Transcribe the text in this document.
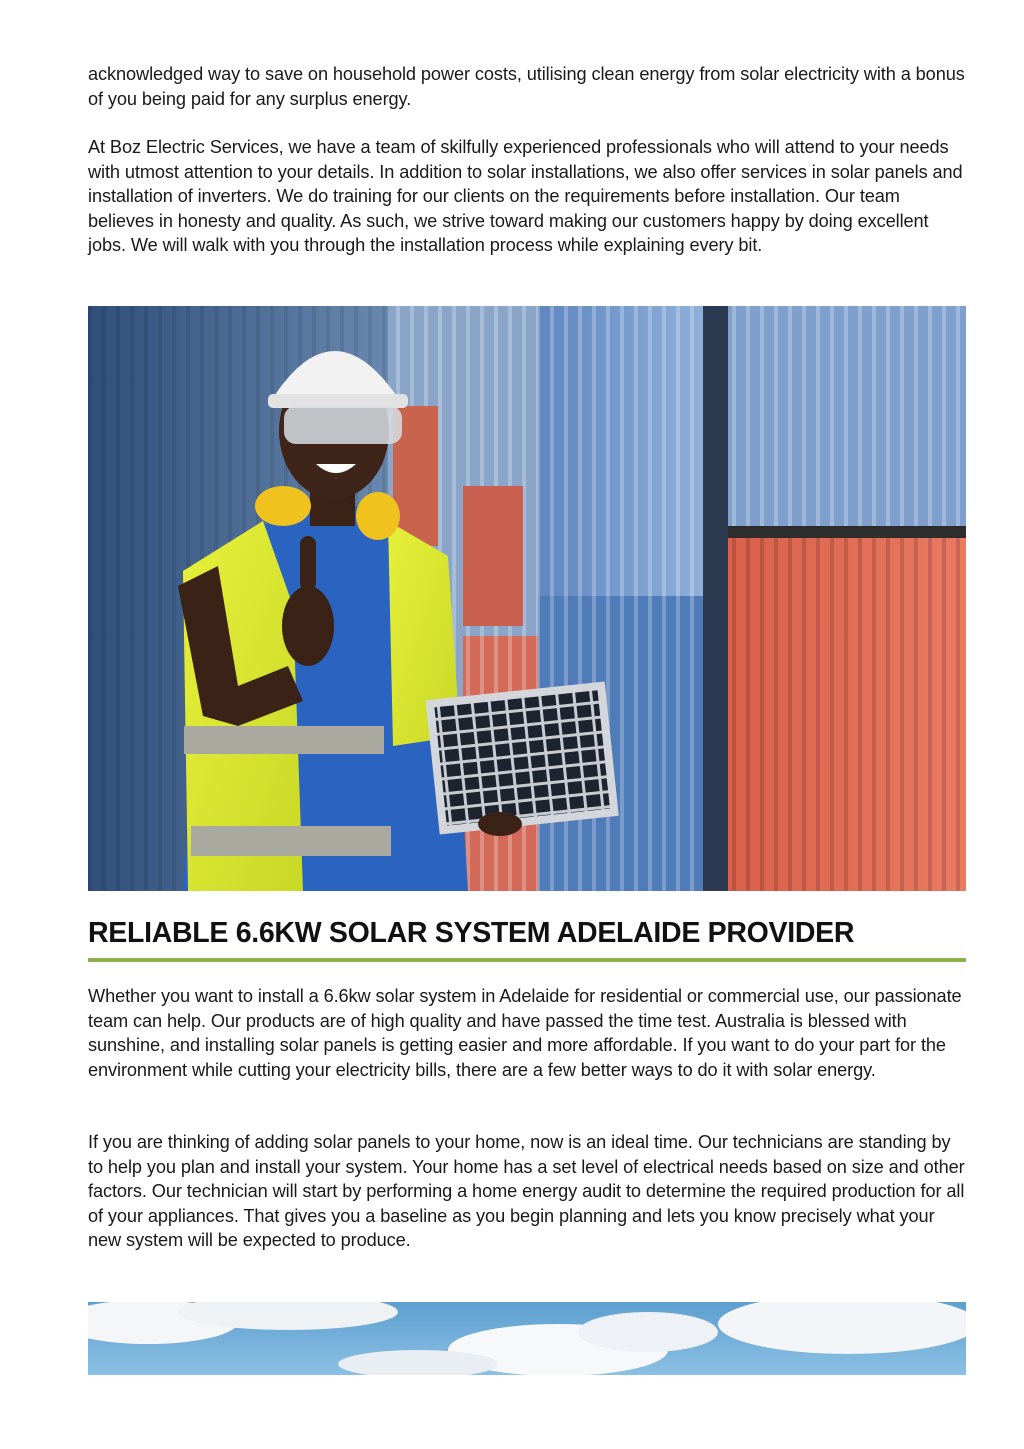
acknowledged way to save on household power costs, utilising clean energy from solar electricity with a bonus of you being paid for any surplus energy.

At Boz Electric Services, we have a team of skilfully experienced professionals who will attend to your needs with utmost attention to your details. In addition to solar installations, we also offer services in solar panels and installation of inverters. We do training for our clients on the requirements before installation. Our team believes in honesty and quality. As such, we strive toward making our customers happy by doing excellent jobs. We will walk with you through the installation process while explaining every bit.

RELIABLE 6.6KW SOLAR SYSTEM ADELAIDE PROVIDER

Whether you want to install a 6.6kw solar system in Adelaide for residential or commercial use, our passionate team can help. Our products are of high quality and have passed the time test. Australia is blessed with sunshine, and installing solar panels is getting easier and more affordable. If you want to do your part for the environment while cutting your electricity bills, there are a few better ways to do it with solar energy.

If you are thinking of adding solar panels to your home, now is an ideal time. Our technicians are standing by to help you plan and install your system. Your home has a set level of electrical needs based on size and other factors. Our technician will start by performing a home energy audit to determine the required production for all of your appliances. That gives you a baseline as you begin planning and lets you know precisely what your new system will be expected to produce.
